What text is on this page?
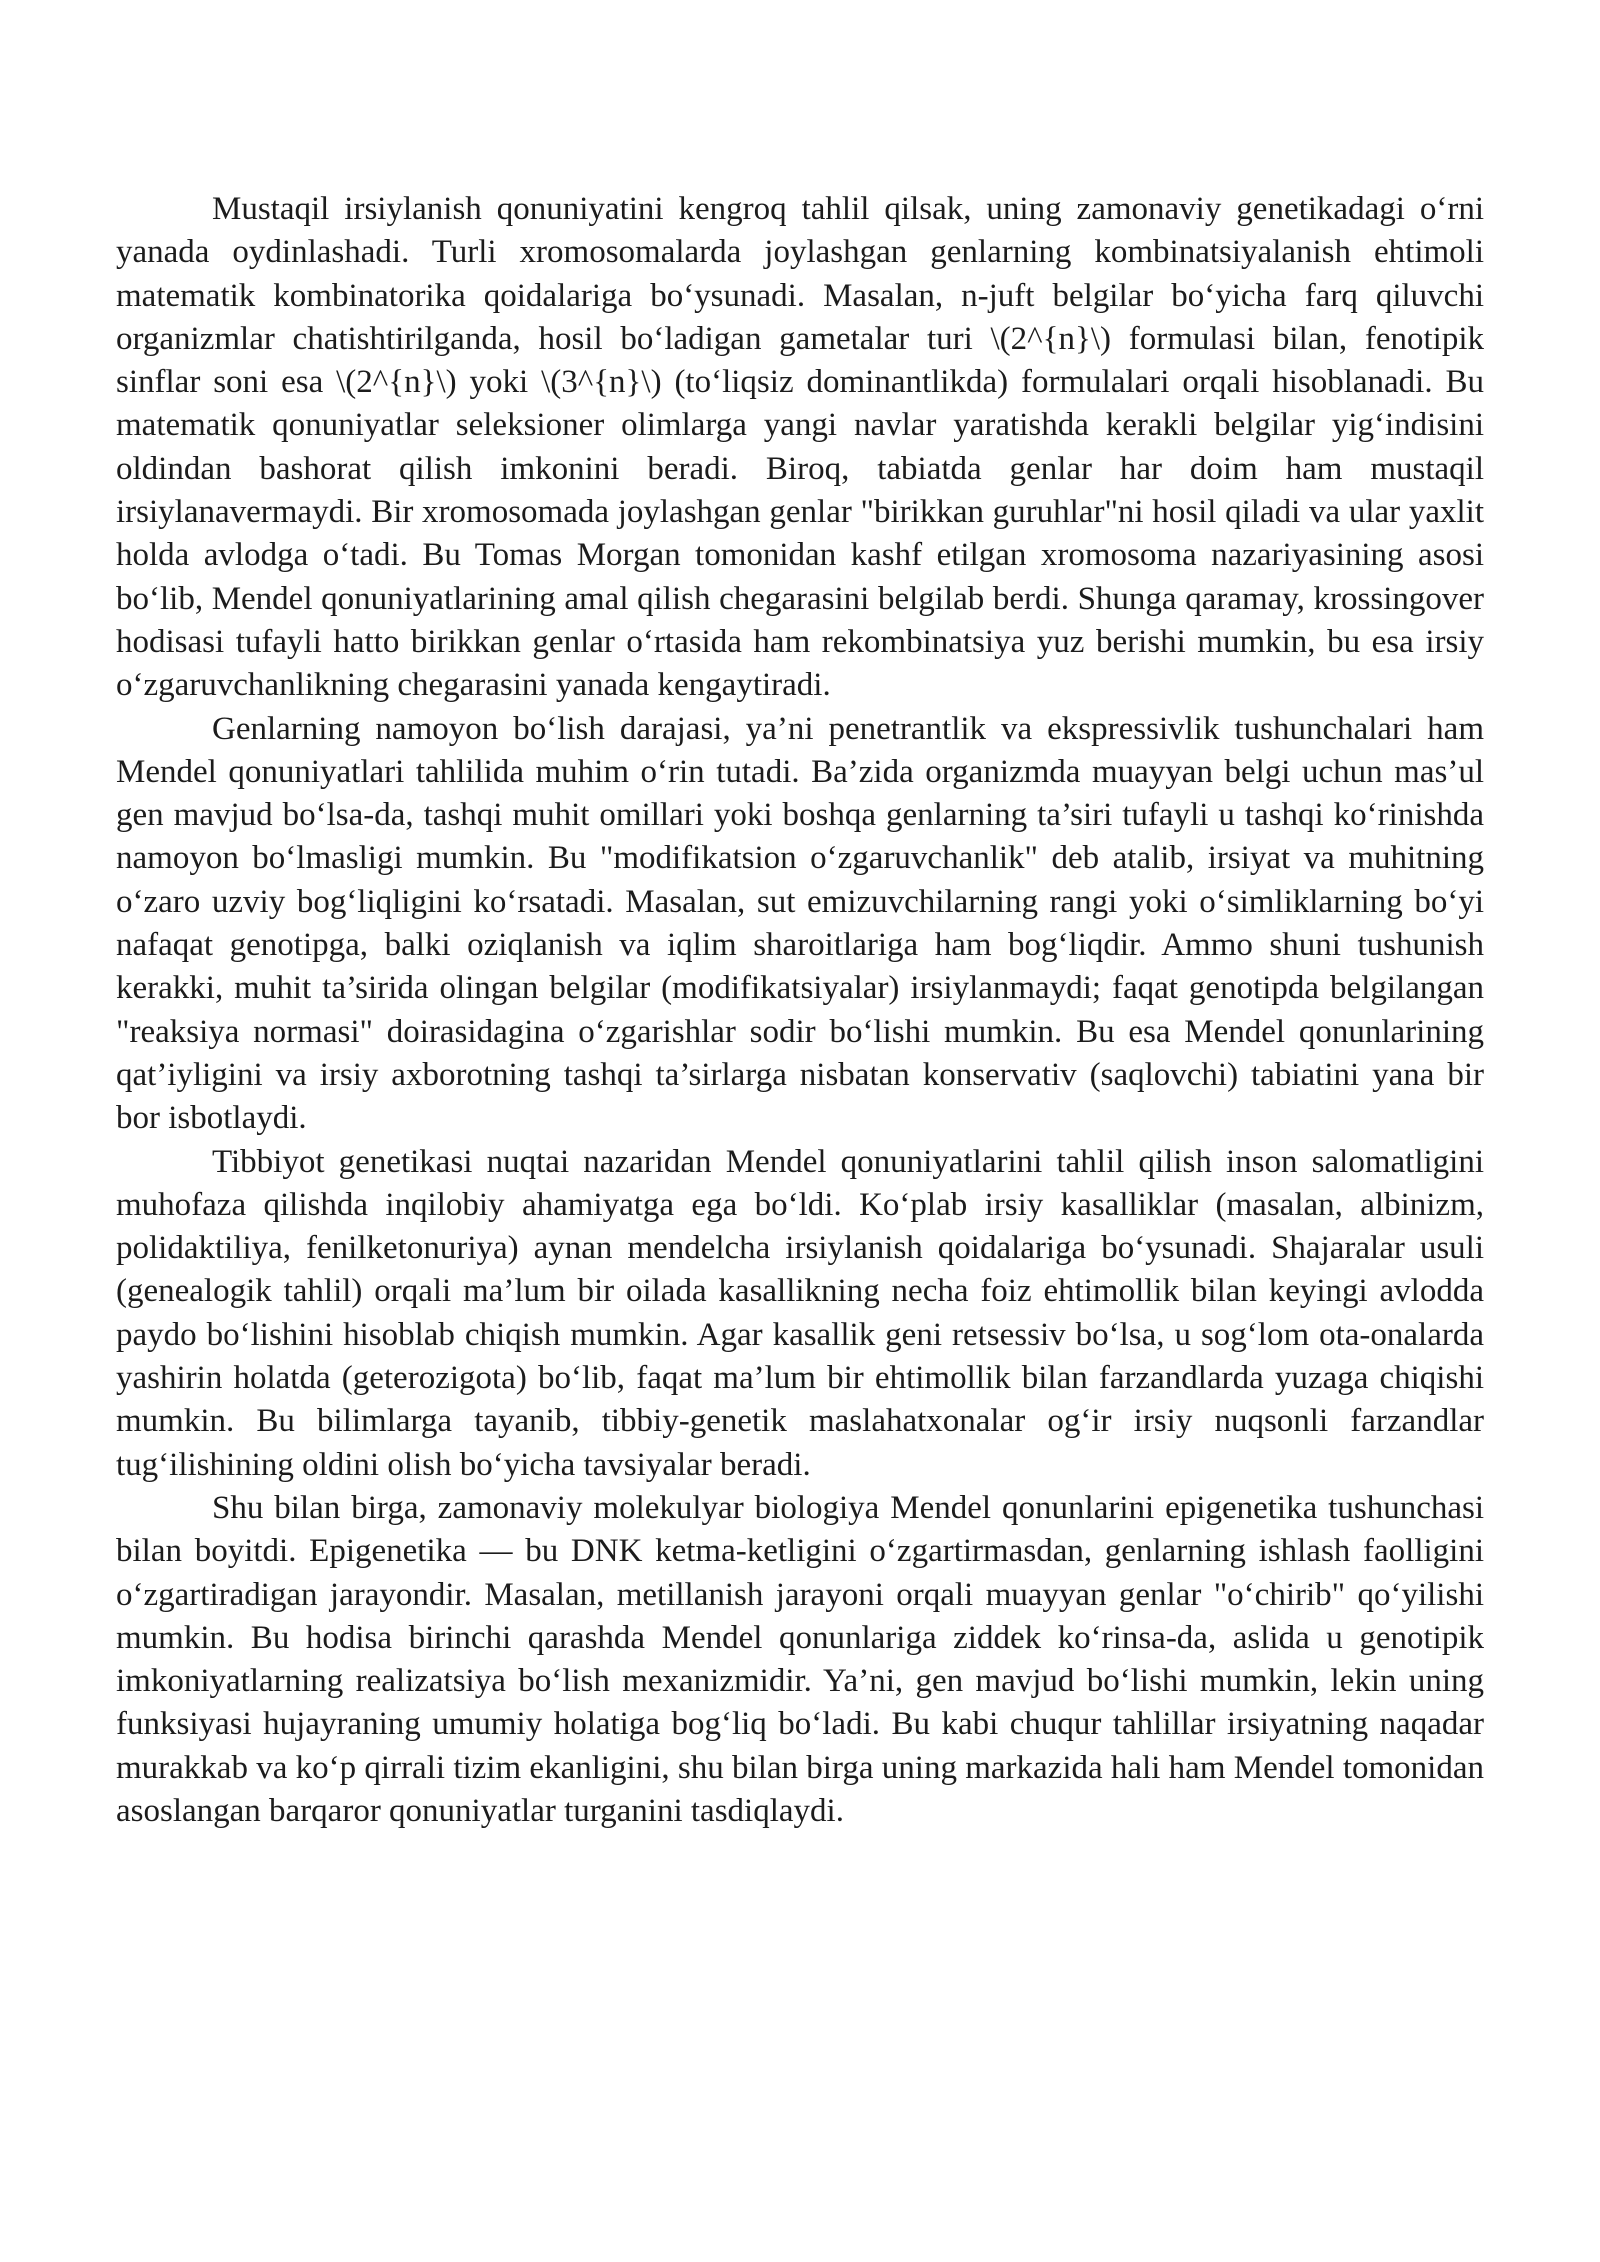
Mustaqil irsiylanish qonuniyatini kengroq tahlil qilsak, uning zamonaviy genetikadagi o‘rni yanada oydinlashadi. Turli xromosomalarda joylashgan genlarning kombinatsiyalanish ehtimoli matematik kombinatorika qoidalariga bo‘ysunadi. Masalan, n-juft belgilar bo‘yicha farq qiluvchi organizmlar chatishtirilganda, hosil bo‘ladigan gametalar turi \(2^{n}\) formulasi bilan, fenotipik sinflar soni esa \(2^{n}\) yoki \(3^{n}\) (to‘liqsiz dominantlikda) formulalari orqali hisoblanadi. Bu matematik qonuniyatlar seleksioner olimlarga yangi navlar yaratishda kerakli belgilar yig‘indisini oldindan bashorat qilish imkonini beradi. Biroq, tabiatda genlar har doim ham mustaqil irsiylanavermaydi. Bir xromosomada joylashgan genlar "birikkan guruhlar"ni hosil qiladi va ular yaxlit holda avlodga o‘tadi. Bu Tomas Morgan tomonidan kashf etilgan xromosoma nazariyasining asosi bo‘lib, Mendel qonuniyatlarining amal qilish chegarasini belgilab berdi. Shunga qaramay, krossingover hodisasi tufayli hatto birikkan genlar o‘rtasida ham rekombinatsiya yuz berishi mumkin, bu esa irsiy o‘zgaruvchanlikning chegarasini yanada kengaytiradi.

Genlarning namoyon bo‘lish darajasi, ya’ni penetrantlik va ekspressivlik tushunchalari ham Mendel qonuniyatlari tahlilida muhim o‘rin tutadi. Ba’zida organizmda muayyan belgi uchun mas’ul gen mavjud bo‘lsa-da, tashqi muhit omillari yoki boshqa genlarning ta’siri tufayli u tashqi ko‘rinishda namoyon bo‘lmasligi mumkin. Bu "modifikatsion o‘zgaruvchanlik" deb atalib, irsiyat va muhitning o‘zaro uzviy bog‘liqligini ko‘rsatadi. Masalan, sut emizuvchilarning rangi yoki o‘simliklarning bo‘yi nafaqat genotipga, balki oziqlanish va iqlim sharoitlariga ham bog‘liqdir. Ammo shuni tushunish kerakki, muhit ta’sirida olingan belgilar (modifikatsiyalar) irsiylanmaydi; faqat genotipda belgilangan "reaksiya normasi" doirasidagina o‘zgarishlar sodir bo‘lishi mumkin. Bu esa Mendel qonunlarining qat’iyligini va irsiy axborotning tashqi ta’sirlarga nisbatan konservativ (saqlovchi) tabiatini yana bir bor isbotlaydi.

Tibbiyot genetikasi nuqtai nazaridan Mendel qonuniyatlarini tahlil qilish inson salomatligini muhofaza qilishda inqilobiy ahamiyatga ega bo‘ldi. Ko‘plab irsiy kasalliklar (masalan, albinizm, polidaktiliya, fenilketonuriya) aynan mendelcha irsiylanish qoidalariga bo‘ysunadi. Shajaralar usuli (genealogik tahlil) orqali ma’lum bir oilada kasallikning necha foiz ehtimollik bilan keyingi avlodda paydo bo‘lishini hisoblab chiqish mumkin. Agar kasallik geni retsessiv bo‘lsa, u sog‘lom ota-onalarda yashirin holatda (geterozigota) bo‘lib, faqat ma’lum bir ehtimollik bilan farzandlarda yuzaga chiqishi mumkin. Bu bilimlarga tayanib, tibbiy-genetik maslahatxonalar og‘ir irsiy nuqsonli farzandlar tug‘ilishining oldini olish bo‘yicha tavsiyalar beradi.

Shu bilan birga, zamonaviy molekulyar biologiya Mendel qonunlarini epigenetika tushunchasi bilan boyitdi. Epigenetika — bu DNK ketma-ketligini o‘zgartirmasdan, genlarning ishlash faolligini o‘zgartiradigan jarayondir. Masalan, metillanish jarayoni orqali muayyan genlar "o‘chirib" qo‘yilishi mumkin. Bu hodisa birinchi qarashda Mendel qonunlariga ziddek ko‘rinsa-da, aslida u genotipik imkoniyatlarning realizatsiya bo‘lish mexanizmidir. Ya’ni, gen mavjud bo‘lishi mumkin, lekin uning funksiyasi hujayraning umumiy holatiga bog‘liq bo‘ladi. Bu kabi chuqur tahlillar irsiyatning naqadar murakkab va ko‘p qirrali tizim ekanligini, shu bilan birga uning markazida hali ham Mendel tomonidan asoslangan barqaror qonuniyatlar turganini tasdiqlaydi.
